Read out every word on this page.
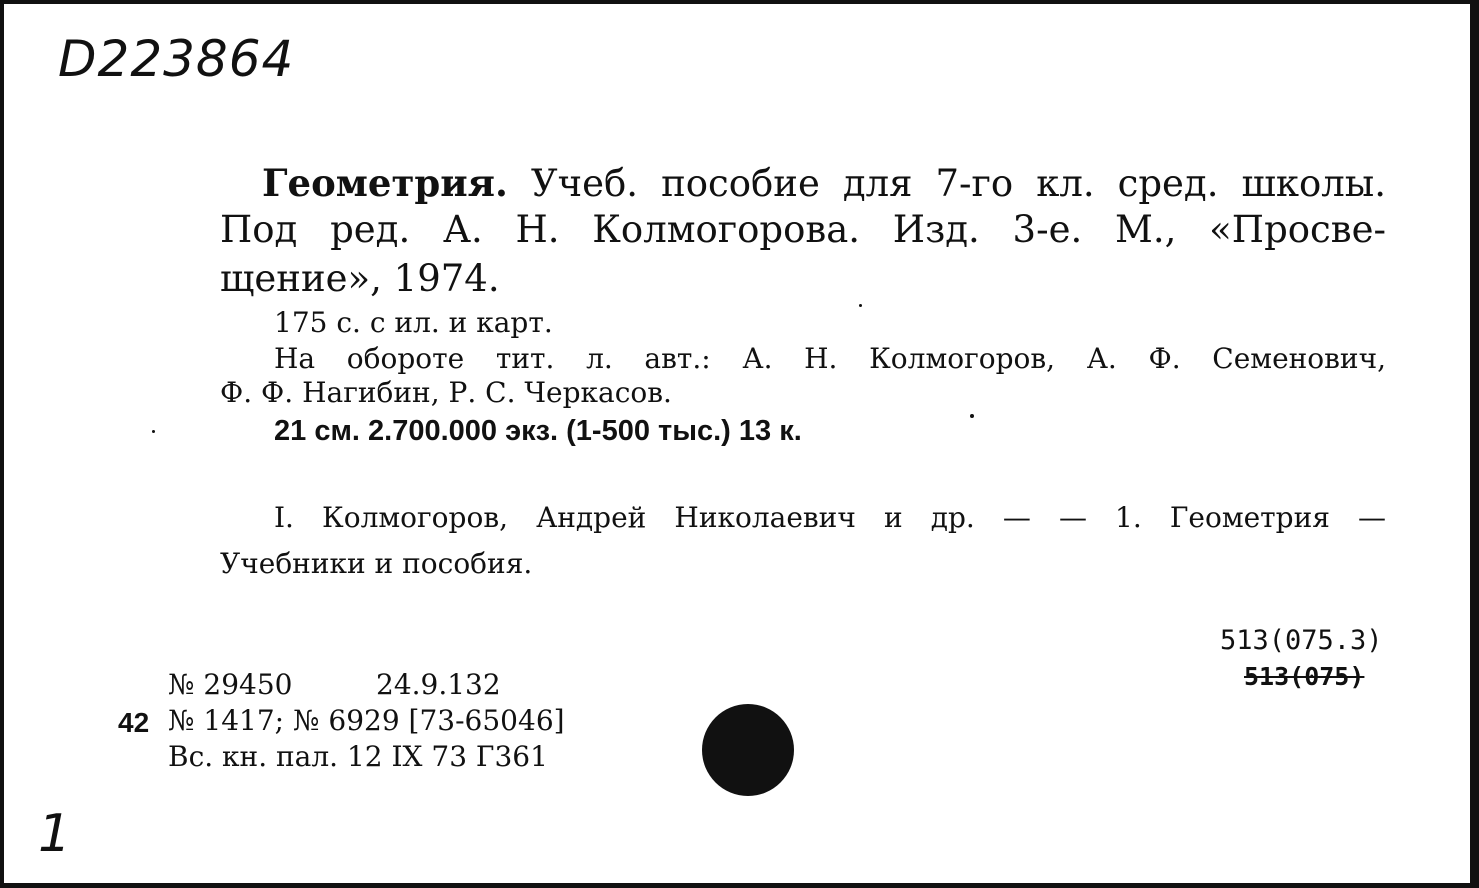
D223864
Геометрия. Учеб. пособие для 7-го кл. сред. школы.
Под ред. А. Н. Колмогорова. Изд. 3-е. М., «Просве-
щение», 1974.
175 с. с ил. и карт.
На обороте тит. л. авт.: А. Н. Колмогоров, А. Ф. Семенович,
Ф. Ф. Нагибин, Р. С. Черкасов.
21 см. 2.700.000 экз. (1-500 тыс.) 13 к.
I. Колмогоров, Андрей Николаевич и др. — — 1. Геометрия —
Учебники и пособия.
513(075.3)
513(075)
№ 29450	24.9.132
42 № 1417; № 6929 [73-65046]
Вс. кн. пал. 12 IX 73 Г361
1
